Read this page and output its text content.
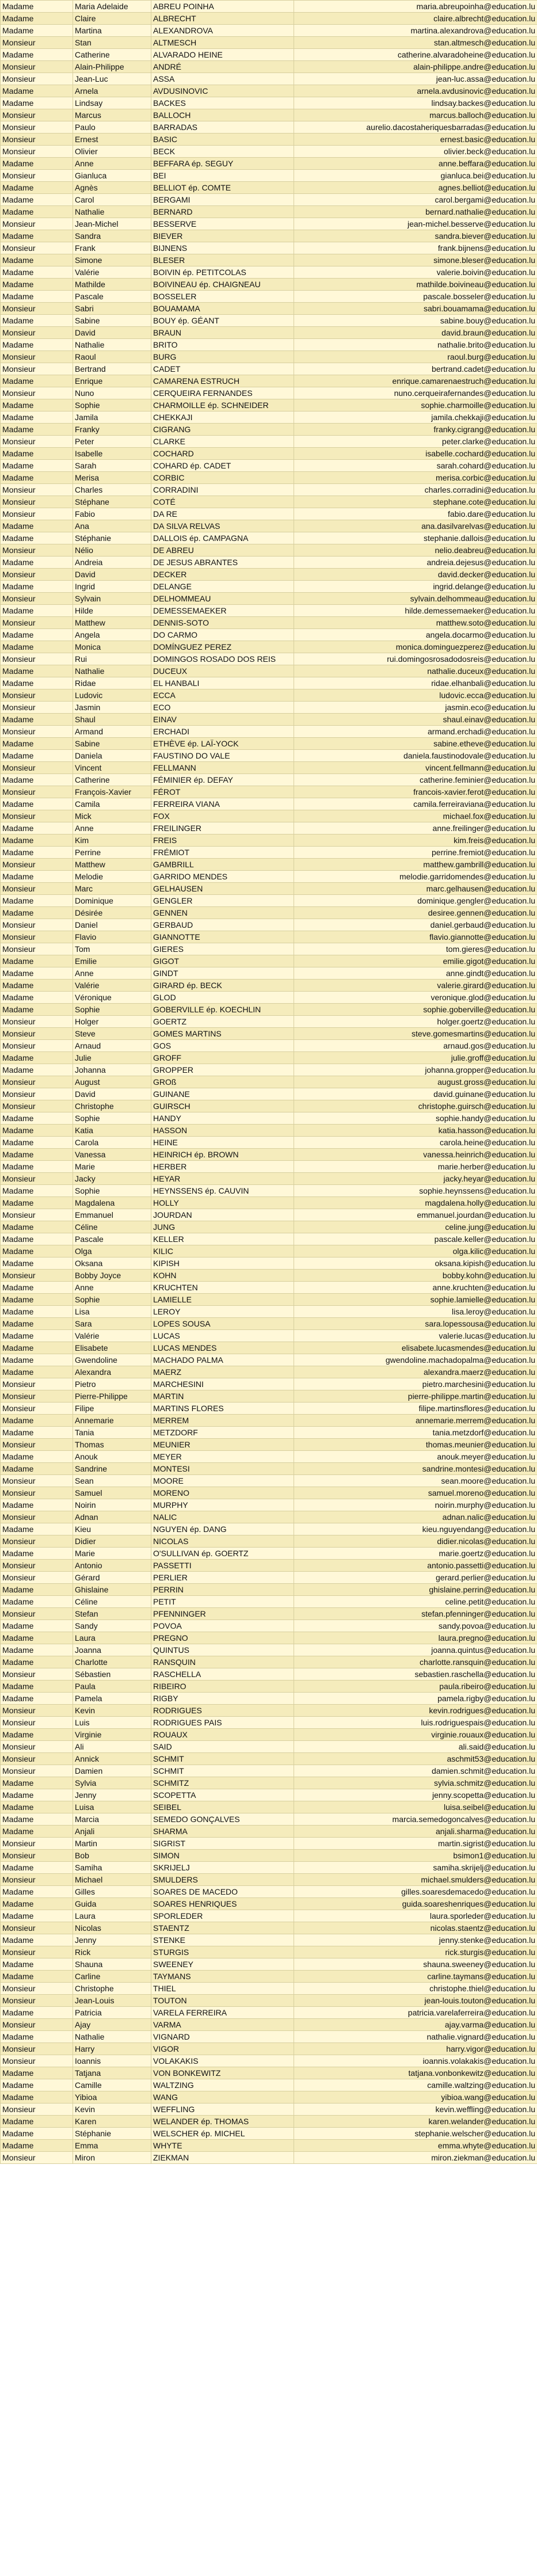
Madame	Maria Adelaide	ABREU POINHA	maria.abreupoinha@education.lu
Madame	Claire	ALBRECHT	claire.albrecht@education.lu
Madame	Martina	ALEXANDROVA	martina.alexandrova@education.lu
Monsieur	Stan	ALTMESCH	stan.altmesch@education.lu
Madame	Catherine	ALVARADO HEINE	catherine.alvaradoheine@education.lu
Monsieur	Alain-Philippe	ANDRÉ	alain-philippe.andre@education.lu
Monsieur	Jean-Luc	ASSA	jean-luc.assa@education.lu
Madame	Arnela	AVDUSINOVIC	arnela.avdusinovic@education.lu
Madame	Lindsay	BACKES	lindsay.backes@education.lu
Monsieur	Marcus	BALLOCH	marcus.balloch@education.lu
Monsieur	Paulo	BARRADAS	aurelio.dacostaheriquesbarradas@education.lu
Monsieur	Ernest	BASIC	ernest.basic@education.lu
Monsieur	Olivier	BECK	olivier.beck@education.lu
Madame	Anne	BEFFARA ép. SEGUY	anne.beffara@education.lu
Monsieur	Gianluca	BEI	gianluca.bei@education.lu
Madame	Agnès	BELLIOT ép. COMTE	agnes.belliot@education.lu
Madame	Carol	BERGAMI	carol.bergami@education.lu
Madame	Nathalie	BERNARD	bernard.nathalie@education.lu
Monsieur	Jean-Michel	BESSERVE	jean-michel.besserve@education.lu
Madame	Sandra	BIEVER	sandra.biever@education.lu
Monsieur	Frank	BIJNENS	frank.bijnens@education.lu
Madame	Simone	BLESER	simone.bleser@education.lu
Madame	Valérie	BOIVIN ép. PETITCOLAS	valerie.boivin@education.lu
Madame	Mathilde	BOIVINEAU ép. CHAIGNEAU	mathilde.boivineau@education.lu
Madame	Pascale	BOSSELER	pascale.bosseler@education.lu
Monsieur	Sabri	BOUAMAMA	sabri.bouamama@education.lu
Madame	Sabine	BOUY ép. GÉANT	sabine.bouy@education.lu
Monsieur	David	BRAUN	david.braun@education.lu
Madame	Nathalie	BRITO	nathalie.brito@education.lu
Monsieur	Raoul	BURG	raoul.burg@education.lu
Monsieur	Bertrand	CADET	bertrand.cadet@education.lu
Madame	Enrique	CAMARENA ESTRUCH	enrique.camarenaestruch@education.lu
Monsieur	Nuno	CERQUEIRA FERNANDES	nuno.cerqueirafernandes@education.lu
Madame	Sophie	CHARMOILLE ép. SCHNEIDER	sophie.charmoille@education.lu
Madame	Jamila	CHEKKAJI	jamila.chekkaji@education.lu
Madame	Franky	CIGRANG	franky.cigrang@education.lu
Monsieur	Peter	CLARKE	peter.clarke@education.lu
Madame	Isabelle	COCHARD	isabelle.cochard@education.lu
Madame	Sarah	COHARD ép. CADET	sarah.cohard@education.lu
Madame	Merisa	CORBIC	merisa.corbic@education.lu
Monsieur	Charles	CORRADINI	charles.corradini@education.lu
Monsieur	Stéphane	COTÉ	stephane.cote@education.lu
Monsieur	Fabio	DA RE	fabio.dare@education.lu
Madame	Ana	DA SILVA RELVAS	ana.dasilvarelvas@education.lu
Madame	Stéphanie	DALLOIS ép. CAMPAGNA	stephanie.dallois@education.lu
Monsieur	Nélio	DE ABREU	nelio.deabreu@education.lu
Madame	Andreia	DE JESUS ABRANTES	andreia.dejesus@education.lu
Monsieur	David	DECKER	david.decker@education.lu
Madame	Ingrid	DELANGE	ingrid.delange@education.lu
Monsieur	Sylvain	DELHOMMEAU	sylvain.delhommeau@education.lu
Madame	Hilde	DEMESSEMAEKER	hilde.demessemaeker@education.lu
Monsieur	Matthew	DENNIS-SOTO	matthew.soto@education.lu
Madame	Angela	DO CARMO	angela.docarmo@education.lu
Madame	Monica	DOMÍNGUEZ PEREZ	monica.dominguezperez@education.lu
Monsieur	Rui	DOMINGOS ROSADO DOS REIS	rui.domingosrosadodosreis@education.lu
Madame	Nathalie	DUCEUX	nathalie.duceux@education.lu
Madame	Ridae	EL HANBALI	ridae.elhanbali@education.lu
Monsieur	Ludovic	ECCA	ludovic.ecca@education.lu
Monsieur	Jasmin	ECO	jasmin.eco@education.lu
Madame	Shaul	EINAV	shaul.einav@education.lu
Monsieur	Armand	ERCHADI	armand.erchadi@education.lu
Madame	Sabine	ETHÈVE ép. LAÏ-YOCK	sabine.etheve@education.lu
Madame	Daniela	FAUSTINO DO VALE	daniela.faustinodovale@education.lu
Monsieur	Vincent	FELLMANN	vincent.fellmann@education.lu
Madame	Catherine	FÉMINIER ép. DEFAY	catherine.feminier@education.lu
Monsieur	François-Xavier	FÉROT	francois-xavier.ferot@education.lu
Madame	Camila	FERREIRA VIANA	camila.ferreiraviana@education.lu
Monsieur	Mick	FOX	michael.fox@education.lu
Madame	Anne	FREILINGER	anne.freilinger@education.lu
Madame	Kim	FREIS	kim.freis@education.lu
Madame	Perrine	FRÉMIOT	perrine.fremiot@education.lu
Monsieur	Matthew	GAMBRILL	matthew.gambrill@education.lu
Madame	Melodie	GARRIDO MENDES	melodie.garridomendes@education.lu
Monsieur	Marc	GELHAUSEN	marc.gelhausen@education.lu
Madame	Dominique	GENGLER	dominique.gengler@education.lu
Madame	Désirée	GENNEN	desiree.gennen@education.lu
Monsieur	Daniel	GERBAUD	daniel.gerbaud@education.lu
Monsieur	Flavio	GIANNOTTE	flavio.giannotte@education.lu
Monsieur	Tom	GIERES	tom.gieres@education.lu
Madame	Emilie	GIGOT	emilie.gigot@education.lu
Madame	Anne	GINDT	anne.gindt@education.lu
Madame	Valérie	GIRARD ép. BECK	valerie.girard@education.lu
Madame	Véronique	GLOD	veronique.glod@education.lu
Madame	Sophie	GOBERVILLE ép. KOECHLIN	sophie.goberville@education.lu
Monsieur	Holger	GOERTZ	holger.goertz@education.lu
Monsieur	Steve	GOMES MARTINS	steve.gomesmartins@education.lu
Monsieur	Arnaud	GOS	arnaud.gos@education.lu
Madame	Julie	GROFF	julie.groff@education.lu
Madame	Johanna	GROPPER	johanna.gropper@education.lu
Monsieur	August	GROß	august.gross@education.lu
Monsieur	David	GUINANE	david.guinane@education.lu
Monsieur	Christophe	GUIRSCH	christophe.guirsch@education.lu
Madame	Sophie	HANDY	sophie.handy@education.lu
Madame	Katia	HASSON	katia.hasson@education.lu
Madame	Carola	HEINE	carola.heine@education.lu
Madame	Vanessa	HEINRICH ép. BROWN	vanessa.heinrich@education.lu
Madame	Marie	HERBER	marie.herber@education.lu
Monsieur	Jacky	HEYAR	jacky.heyar@education.lu
Madame	Sophie	HEYNSSENS ép. CAUVIN	sophie.heynssens@education.lu
Madame	Magdalena	HOLLY	magdalena.holly@education.lu
Monsieur	Emmanuel	JOURDAN	emmanuel.jourdan@education.lu
Madame	Céline	JUNG	celine.jung@education.lu
Madame	Pascale	KELLER	pascale.keller@education.lu
Madame	Olga	KILIC	olga.kilic@education.lu
Madame	Oksana	KIPISH	oksana.kipish@education.lu
Monsieur	Bobby Joyce	KOHN	bobby.kohn@education.lu
Madame	Anne	KRUCHTEN	anne.kruchten@education.lu
Madame	Sophie	LAMIELLE	sophie.lamielle@education.lu
Madame	Lisa	LEROY	lisa.leroy@education.lu
Madame	Sara	LOPES SOUSA	sara.lopessousa@education.lu
Madame	Valérie	LUCAS	valerie.lucas@education.lu
Madame	Elisabete	LUCAS MENDES	elisabete.lucasmendes@education.lu
Madame	Gwendoline	MACHADO PALMA	gwendoline.machadopalma@education.lu
Madame	Alexandra	MAERZ	alexandra.maerz@education.lu
Monsieur	Pietro	MARCHESINI	pietro.marchesini@education.lu
Monsieur	Pierre-Philippe	MARTIN	pierre-philippe.martin@education.lu
Monsieur	Filipe	MARTINS FLORES	filipe.martinsflores@education.lu
Madame	Annemarie	MERREM	annemarie.merrem@education.lu
Madame	Tania	METZDORF	tania.metzdorf@education.lu
Monsieur	Thomas	MEUNIER	thomas.meunier@education.lu
Madame	Anouk	MEYER	anouk.meyer@education.lu
Madame	Sandrine	MONTESI	sandrine.montesi@education.lu
Monsieur	Sean	MOORE	sean.moore@education.lu
Monsieur	Samuel	MORENO	samuel.moreno@education.lu
Madame	Noirin	MURPHY	noirin.murphy@education.lu
Monsieur	Adnan	NALIC	adnan.nalic@education.lu
Madame	Kieu	NGUYEN ép. DANG	kieu.nguyendang@education.lu
Monsieur	Didier	NICOLAS	didier.nicolas@education.lu
Madame	Marie	O'SULLIVAN ép. GOERTZ	marie.goertz@education.lu
Monsieur	Antonio	PASSETTI	antonio.passetti@education.lu
Monsieur	Gérard	PERLIER	gerard.perlier@education.lu
Madame	Ghislaine	PERRIN	ghislaine.perrin@education.lu
Madame	Céline	PETIT	celine.petit@education.lu
Monsieur	Stefan	PFENNINGER	stefan.pfenninger@education.lu
Madame	Sandy	POVOA	sandy.povoa@education.lu
Madame	Laura	PREGNO	laura.pregno@education.lu
Madame	Joanna	QUINTUS	joanna.quintus@education.lu
Madame	Charlotte	RANSQUIN	charlotte.ransquin@education.lu
Monsieur	Sébastien	RASCHELLA	sebastien.raschella@education.lu
Madame	Paula	RIBEIRO	paula.ribeiro@education.lu
Madame	Pamela	RIGBY	pamela.rigby@education.lu
Monsieur	Kevin	RODRIGUES	kevin.rodrigues@education.lu
Monsieur	Luis	RODRIGUES PAIS	luis.rodriguespais@education.lu
Madame	Virginie	ROUAUX	virginie.rouaux@education.lu
Monsieur	Ali	SAID	ali.said@education.lu
Monsieur	Annick	SCHMIT	aschmit53@education.lu
Monsieur	Damien	SCHMIT	damien.schmit@education.lu
Madame	Sylvia	SCHMITZ	sylvia.schmitz@education.lu
Madame	Jenny	SCOPETTA	jenny.scopetta@education.lu
Madame	Luisa	SEIBEL	luisa.seibel@education.lu
Madame	Marcia	SEMEDO GONÇALVES	marcia.semedogoncalves@education.lu
Madame	Anjali	SHARMA	anjali.sharma@education.lu
Monsieur	Martin	SIGRIST	martin.sigrist@education.lu
Monsieur	Bob	SIMON	bsimon1@education.lu
Madame	Samiha	SKRIJELJ	samiha.skrijelj@education.lu
Monsieur	Michael	SMULDERS	michael.smulders@education.lu
Madame	Gilles	SOARES DE MACEDO	gilles.soaresdemacedo@education.lu
Madame	Guida	SOARES HENRIQUES	guida.soareshenriques@education.lu
Madame	Laura	SPORLEDER	laura.sporleder@education.lu
Monsieur	Nicolas	STAENTZ	nicolas.staentz@education.lu
Madame	Jenny	STENKE	jenny.stenke@education.lu
Monsieur	Rick	STURGIS	rick.sturgis@education.lu
Madame	Shauna	SWEENEY	shauna.sweeney@education.lu
Madame	Carline	TAYMANS	carline.taymans@education.lu
Monsieur	Christophe	THIEL	christophe.thiel@education.lu
Monsieur	Jean-Louis	TOUTON	jean-louis.touton@education.lu
Madame	Patricia	VARELA FERREIRA	patricia.varelaferreira@education.lu
Monsieur	Ajay	VARMA	ajay.varma@education.lu
Madame	Nathalie	VIGNARD	nathalie.vignard@education.lu
Monsieur	Harry	VIGOR	harry.vigor@education.lu
Monsieur	Ioannis	VOLAKAKIS	ioannis.volakakis@education.lu
Madame	Tatjana	VON BONKEWITZ	tatjana.vonbonkewitz@education.lu
Madame	Camille	WALTZING	camille.waltzing@education.lu
Madame	Yibioa	WANG	yibioa.wang@education.lu
Monsieur	Kevin	WEFFLING	kevin.weffling@education.lu
Madame	Karen	WELANDER ép. THOMAS	karen.welander@education.lu
Madame	Stéphanie	WELSCHER ép. MICHEL	stephanie.welscher@education.lu
Madame	Emma	WHYTE	emma.whyte@education.lu
Monsieur	Miron	ZIEKMAN	miron.ziekman@education.lu
